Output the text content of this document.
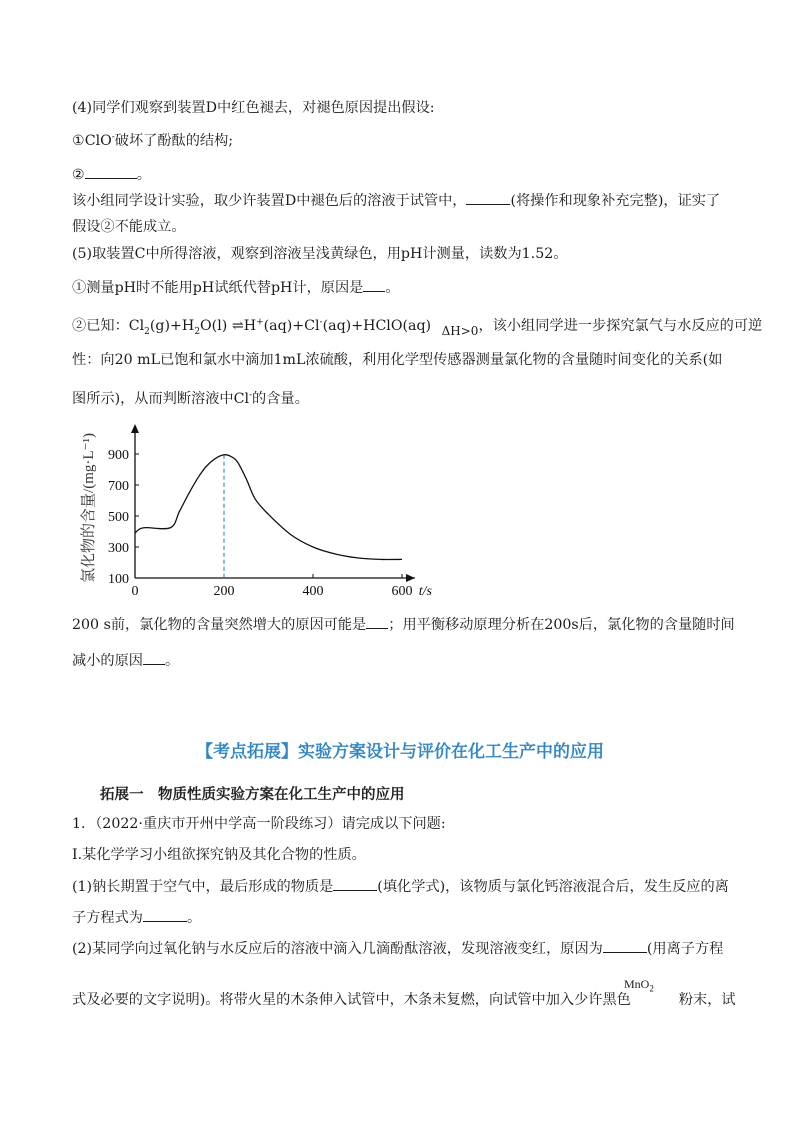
(4)同学们观察到装置D中红色褪去，对褪色原因提出假设:
①ClO-破坏了酚酞的结构;
②	。
该小组同学设计实验，取少许装置D中褪色后的溶液于试管中，	(将操作和现象补充完整)，证实了
假设②不能成立。
(5)取装置C中所得溶液，观察到溶液呈浅黄绿色，用pH计测量，读数为1.52。
①测量pH时不能用pH试纸代替pH计，原因是 。
②已知：$Cl_2(g)+H_2O(l)$ ⇌H+(aq)+Cl-(aq)+HClO(aq) $_{\Delta H>0}$，该小组同学进一步探究氯气与水反应的可逆
性：向20 mL已饱和氯水中滴加1mL浓硫酸，利用化学型传感器测量氯化物的含量随时间变化的关系(如
图所示)，从而判断溶液中Cl-的含量。
100
300
500
700
900
0	200	400	600 t/s
氯化物的含量/(mg·L⁻¹)
200 s前，氯化物的含量突然增大的原因可能是 ；用平衡移动原理分析在200s后，氯化物的含量随时间
减小的原因 。
【考点拓展】实验方案设计与评价在化工生产中的应用
拓展一　物质性质实验方案在化工生产中的应用
1．（2022·重庆市开州中学高一阶段练习）请完成以下问题:
Ⅰ.某化学学习小组欲探究钠及其化合物的性质。
(1)钠长期置于空气中，最后形成的物质是	(填化学式)，该物质与氯化钙溶液混合后，发生反应的离
子方程式为	。
(2)某同学向过氧化钠与水反应后的溶液中滴入几滴酚酞溶液，发现溶液变红，原因为	(用离子方程
MnO$_2$
式及必要的文字说明)。将带火星的木条伸入试管中，木条未复燃，向试管中加入少许黑色	粉末，试
